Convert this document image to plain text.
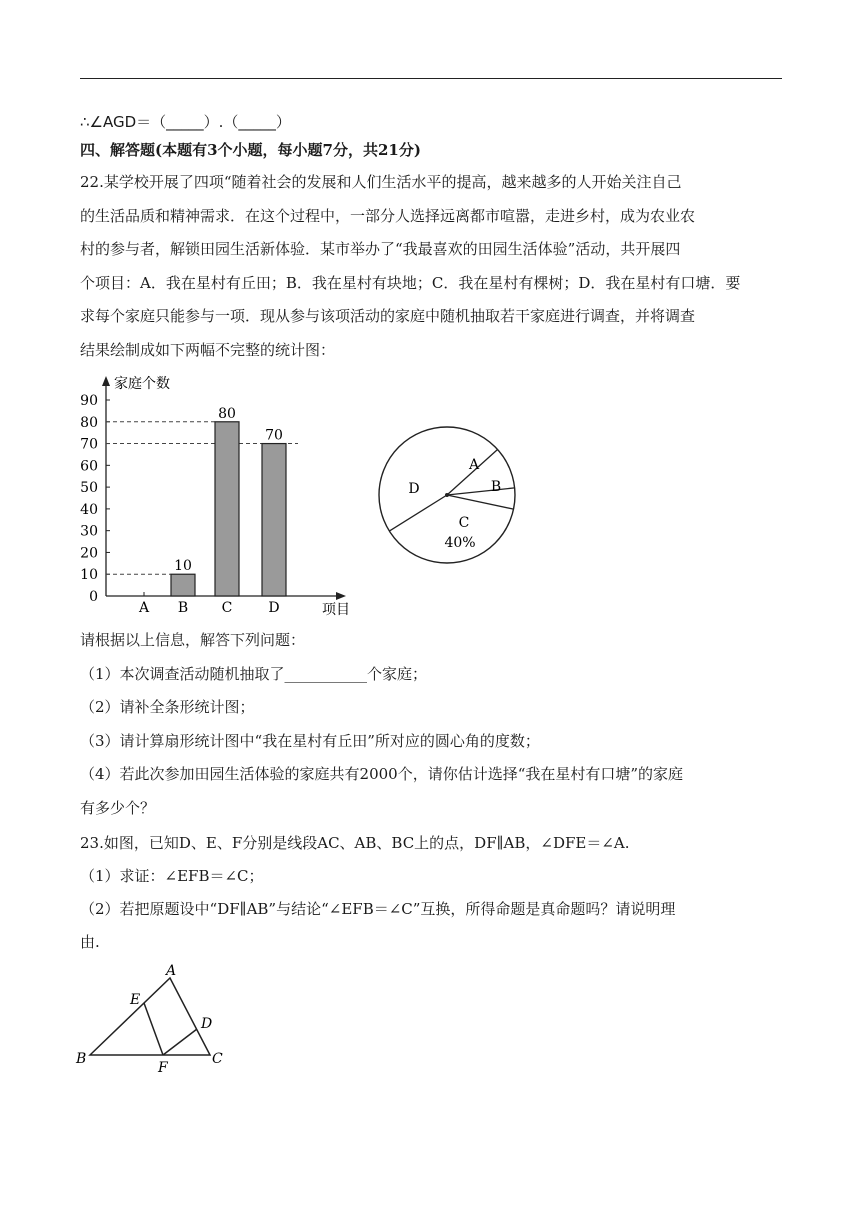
∴∠AGD＝（_____）.（_____）
四、解答题(本题有3个小题，每小题7分，共21分)
22.某学校开展了四项“随着社会的发展和人们生活水平的提高，越来越多的人开始关注自己
的生活品质和精神需求．在这个过程中，一部分人选择远离都市喧嚣，走进乡村，成为农业农
村的参与者，解锁田园生活新体验．某市举办了“我最喜欢的田园生活体验”活动，共开展四
个项目：A．我在星村有丘田；B．我在星村有块地；C．我在星村有棵树；D．我在星村有口塘．要
求每个家庭只能参与一项．现从参与该项活动的家庭中随机抽取若干家庭进行调查，并将调查
结果绘制成如下两幅不完整的统计图：
家庭个数
项目
0
10
20
30
40
50
60
70
80
90
A
10
B
80
C
70
D
A
B
C
40%
D
请根据以上信息，解答下列问题：
（1）本次调查活动随机抽取了___________个家庭；
（2）请补全条形统计图；
（3）请计算扇形统计图中“我在星村有丘田”所对应的圆心角的度数；
（4）若此次参加田园生活体验的家庭共有2000个，请你估计选择“我在星村有口塘”的家庭
有多少个？
23.如图，已知D、E、F分别是线段AC、AB、BC上的点，DF∥AB，∠DFE＝∠A.
（1）求证：∠EFB＝∠C；
（2）若把原题设中“DF∥AB”与结论“∠EFB＝∠C”互换，所得命题是真命题吗？请说明理
由.
A
B	C
D
E
F
